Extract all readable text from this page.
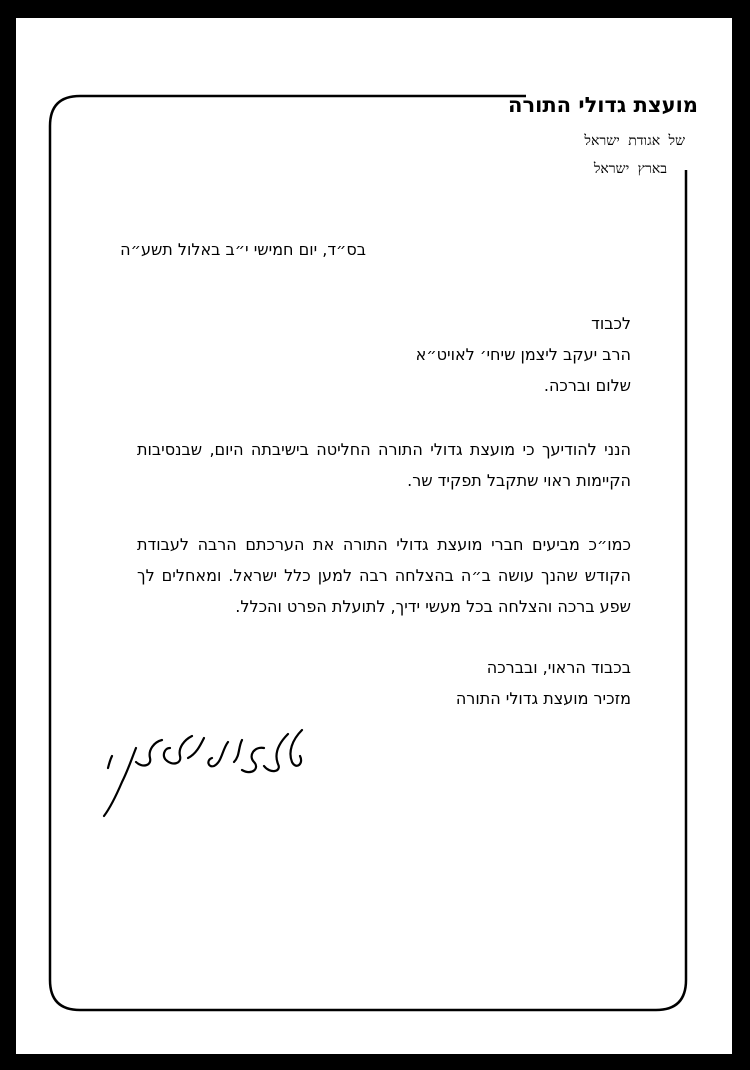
מועצת גדולי התורה
של אגודת ישראל
בארץ ישראל
בס״ד, יום חמישי י״ב באלול תשע״ה
לכבוד
הרב יעקב ליצמן שיחי׳ לאויט״א
שלום וברכה.
הנני להודיעך כי מועצת גדולי התורה החליטה בישיבתה היום, שבנסיבות
הקיימות ראוי שתקבל תפקיד שר.
כמו״כ מביעים חברי מועצת גדולי התורה את הערכתם הרבה לעבודת
הקודש שהנך עושה ב״ה בהצלחה רבה למען כלל ישראל. ומאחלים לך
שפע ברכה והצלחה בכל מעשי ידיך, לתועלת הפרט והכלל.
בכבוד הראוי, ובברכה
מזכיר מועצת גדולי התורה
